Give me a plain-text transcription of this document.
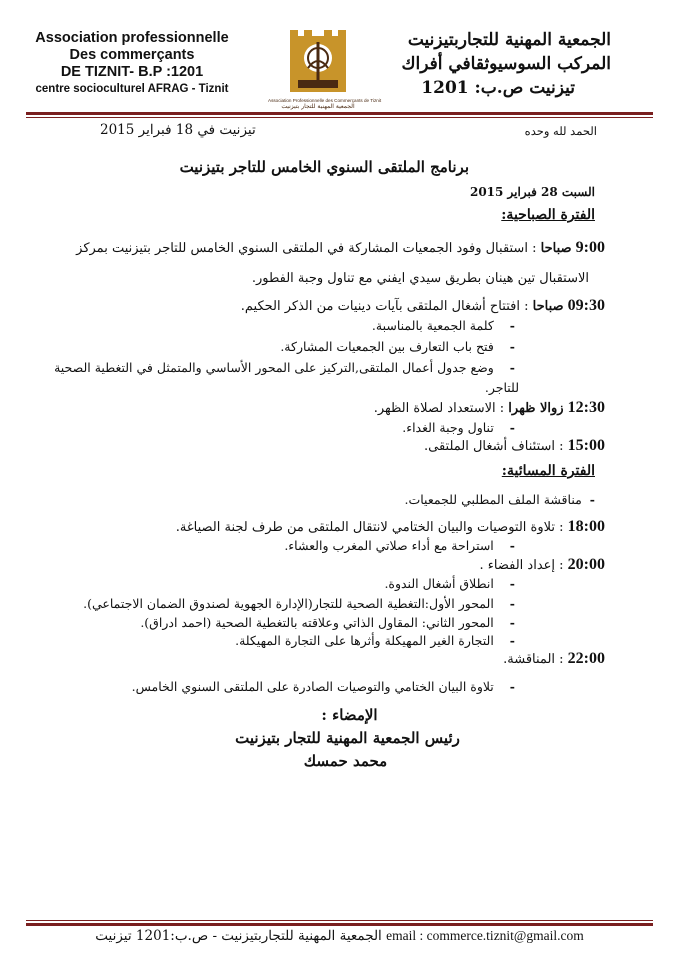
Association professionnelle
Des commerçants
DE TIZNIT- B.P :1201
centre socioculturel AFRAG - Tiznit
Association Professionnelle des Commerçants de Tiznit
الجمعية المهنية للتجار بتيزنيت
الجمعية المهنية للتجاربتيزنيت
المركب السوسيوثقافي أفراك
تيزنيت ص.ب: 1201
الحمد لله وحده
تيزنيت في 18 فبراير 2015
برنامج الملتقى السنوي الخامس للتاجر بتيزنيت
السبت 28 فبراير 2015
الفترة الصباحية:
9:00 صباحا : استقبال وفود الجمعيات المشاركة في الملتقى السنوي الخامس للتاجر بتيزنيت بمركز
الاستقبال تين هينان بطريق سيدي ايفني مع تناول وجبة الفطور.
09:30 صباحا : افتتاح أشغال الملتقى بآيات دينيات من الذكر الحكيم.
-كلمة الجمعية بالمناسبة.
-فتح باب التعارف بين الجمعيات المشاركة.
-وضع جدول أعمال الملتقى,التركيز على المحور الأساسي والمتمثل في التغطية الصحية
للتاجر.
12:30 زوالا ظهرا : الاستعداد لصلاة الظهر.
-تناول وجبة الغداء.
15:00 : استئناف أشغال الملتقى.
الفترة المسائية:
-مناقشة الملف المطلبي للجمعيات.
18:00 : تلاوة التوصيات والبيان الختامي لانتقال الملتقى من طرف لجنة الصياغة.
-استراحة مع أداء صلاتي المغرب والعشاء.
20:00 : إعداد الفضاء .
-انطلاق أشغال الندوة.
-المحور الأول:التغطية الصحية للتجار(الإدارة الجهوية لصندوق الضمان الاجتماعي).
-المحور الثاني: المقاول الذاتي وعلاقته بالتغطية الصحية (احمد ادراق).
-التجارة الغير المهيكلة وأثرها على التجارة المهيكلة.
22:00 : المناقشة.
-تلاوة البيان الختامي والتوصيات الصادرة على الملتقى السنوي الخامس.
الإمضاء :
رئيس الجمعية المهنية للتجار بتيزنيت
محمد حمسك
الجمعية المهنية للتجاربتيزنيت - ص.ب:1201 تيزنيت email : commerce.tiznit@gmail.com
